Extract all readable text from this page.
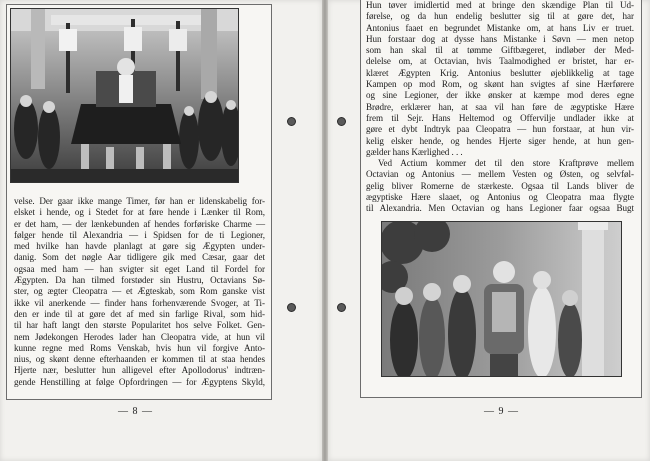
velse. Der gaar ikke mange Timer, før han er lidenskabelig for-
elsket i hende, og i Stedet for at føre hende i Lænker til Rom,
er det ham, — der lænkebunden af hendes forføriske Charme —
følger hende til Alexandria — i Spidsen for de ti Legioner,
med hvilke han havde planlagt at gøre sig Ægypten under-
danig. Som det nøgle Aar tidligere gik med Cæsar, gaar det
ogsaa med ham — han svigter sit eget Land til Fordel for
Ægypten. Da han tilmed forstøder sin Hustru, Octavians Sø-
ster, og ægter Cleopatra — et Ægteskab, som Rom ganske vist
ikke vil anerkende — finder hans forhenværende Svoger, at Ti-
den er inde til at gøre det af med sin farlige Rival, som hid-
til har haft langt den største Popularitet hos selve Folket. Gen-
nem Jødekongen Herodes lader han Cleopatra vide, at hun vil
kunne regne med Roms Venskab, hvis hun vil forgive Anto-
nius, og skønt denne efterhaanden er kommen til at staa hendes
Hjerte nær, beslutter hun alligevel efter Apollodorus' indtræn-
gende Henstilling at følge Opfordringen — for Ægyptens Skyld,
— 8 —
Hun tøver imidlertid med at bringe den skændige Plan til Ud-
førelse, og da hun endelig beslutter sig til at gøre det, har
Antonius faaet en begrundet Mistanke om, at hans Liv er truet.
Hun forstaar dog at dysse hans Mistanke i Søvn — men netop
som han skal til at tømme Giftbægeret, indløber der Med-
delelse om, at Octavian, hvis Taalmodighed er bristet, har er-
klæret Ægypten Krig. Antonius beslutter øjeblikkelig at tage
Kampen op mod Rom, og skønt han svigtes af sine Hærførere
og sine Legioner, der ikke ønsker at kæmpe mod deres egne
Brødre, erklærer han, at saa vil han føre de ægyptiske Hære
frem til Sejr. Hans Heltemod og Offervilje undlader ikke at
gøre et dybt Indtryk paa Cleopatra — hun forstaar, at hun vir-
kelig elsker hende, og hendes Hjerte siger hende, at hun gen-
gælder hans Kærlighed . . .
Ved Actium kommer det til den store Kraftprøve mellem
Octavian og Antonius — mellem Vesten og Østen, og selvføl-
gelig bliver Romerne de stærkeste. Ogsaa til Lands bliver de
ægyptiske Hære slaaet, og Antonius og Cleopatra maa flygte
til Alexandria. Men Octavian og hans Legioner faar ogsaa Bugt
— 9 —
